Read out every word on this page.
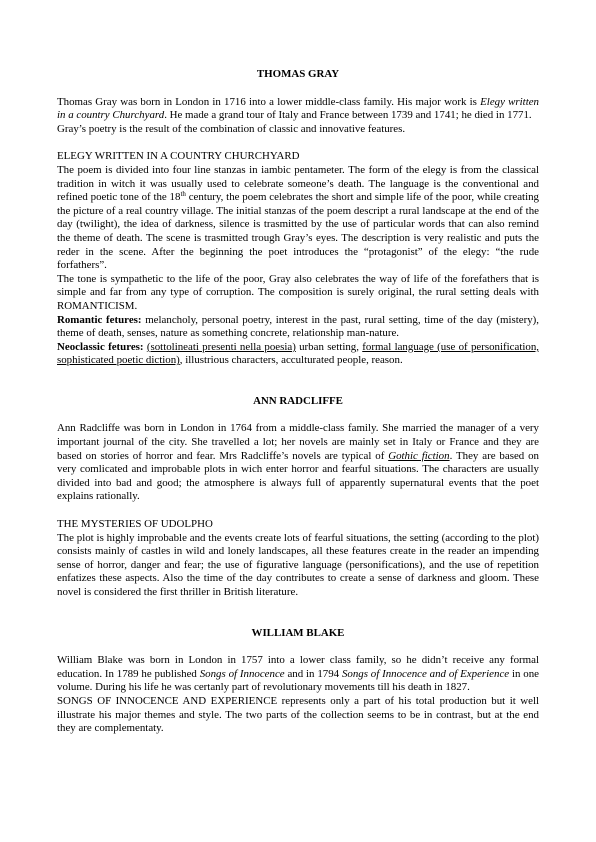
THOMAS GRAY

Thomas Gray was born in London in 1716 into a lower middle-class family. His major work is Elegy written in a country Churchyard. He made a grand tour of Italy and France between 1739 and 1741; he died in 1771.

Gray’s poetry is the result of the combination of classic and innovative features.

ELEGY WRITTEN IN A COUNTRY CHURCHYARD

The poem is divided into four line stanzas in iambic pentameter. The form of the elegy is from the classical tradition in witch it was usually used to celebrate someone’s death. The language is the conventional and refined poetic tone of the 18th century, the poem celebrates the short and simple life of the poor, while creating the picture of a real country village. The initial stanzas of the poem descript a rural landscape at the end of the day (twilight), the idea of darkness, silence is trasmitted by the use of particular words that can also remind the theme of death. The scene is trasmitted trough Gray’s eyes. The description is very realistic and puts the reder in the scene. After the beginning the poet introduces the “protagonist” of the elegy: “the rude forfathers”.

The tone is sympathetic to the life of the poor, Gray also celebrates the way of life of the forefathers that is simple and far from any type of corruption. The composition is surely original, the rural setting deals with ROMANTICISM.

Romantic fetures: melancholy, personal poetry, interest in the past, rural setting, time of the day (mistery), theme of death, senses, nature as something concrete, relationship man-nature.

Neoclassic fetures: (sottolineati presenti nella poesia) urban setting, formal language (use of personification, sophisticated poetic diction), illustrious characters, acculturated people, reason.

ANN RADCLIFFE

Ann Radcliffe was born in London in 1764 from a middle-class family. She married the manager of a very important journal of the city. She travelled a lot; her novels are mainly set in Italy or France and they are based on stories of horror and fear. Mrs Radcliffe’s novels are typical of Gothic fiction. They are based on very comlicated and improbable plots in wich enter horror and fearful situations. The characters are usually divided into bad and good; the atmosphere is always full of apparently supernatural events that the poet explains rationally.

THE MYSTERIES OF UDOLPHO

The plot is highly improbable and the events create lots of fearful situations, the setting (according to the plot) consists mainly of castles in wild and lonely landscapes, all these features create in the reader an impending sense of horror, danger and fear; the use of figurative language (personifications), and the use of repetition enfatizes these aspects. Also the time of the day contributes to create a sense of darkness and gloom. These novel is considered the first thriller in British literature.

WILLIAM BLAKE

William Blake was born in London in 1757 into a lower class family, so he didn’t receive any formal education. In 1789 he published Songs of Innocence and in 1794 Songs of Innocence and of Experience in one volume. During his life he was certanly part of revolutionary movements till his death in 1827.

SONGS OF INNOCENCE AND EXPERIENCE represents only a part of his total production but it well illustrate his major themes and style. The two parts of the collection seems to be in contrast, but at the end they are complementaty.
